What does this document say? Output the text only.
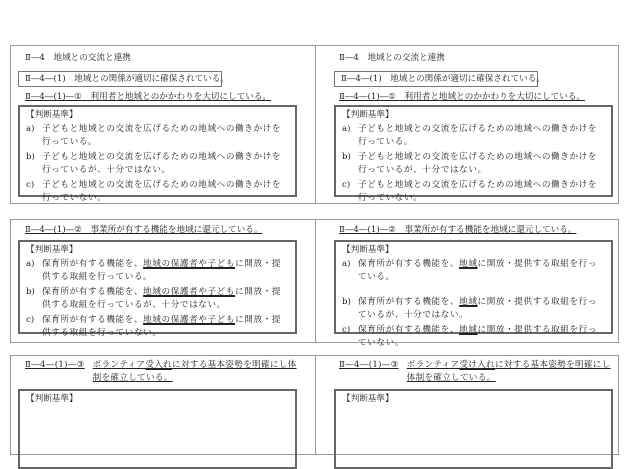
Ⅱ―4　地域との交流と連携
Ⅱ―4―(1)　地域との関係が適切に確保されている。
Ⅱ―4―(1)―①　利用者と地域とのかかわりを大切にしている。
【判断基準】
a) 子どもと地域との交流を広げるための地域への働きかけを行っている。
b) 子どもと地域との交流を広げるための地域への働きかけを行っているが、十分ではない。
c) 子どもと地域との交流を広げるための地域への働きかけを行っていない。
Ⅱ―4　地域との交流と連携
Ⅱ―4―(1)　地域との関係が適切に確保されている。
Ⅱ―4―(1)―①　利用者と地域とのかかわりを大切にしている。
【判断基準】
a) 子どもと地域との交流を広げるための地域への働きかけを行っている。
b) 子どもと地域との交流を広げるための地域への働きかけを行っているが、十分ではない。
c) 子どもと地域との交流を広げるための地域への働きかけを行っていない。
Ⅱ―4―(1)―②　事業所が有する機能を地域に還元している。
【判断基準】
a) 保育所が有する機能を、地域の保護者や子どもに開放・提供する取組を行っている。
b) 保育所が有する機能を、地域の保護者や子どもに開放・提供する取組を行っているが、十分ではない。
c) 保育所が有する機能を、地域の保護者や子どもに開放・提供する取組を行っていない。
Ⅱ―4―(1)―②　事業所が有する機能を地域に還元している。
【判断基準】
a) 保育所が有する機能を、地域に開放・提供する取組を行っている。
b) 保育所が有する機能を、地域に開放・提供する取組を行っているが、十分ではない。
c) 保育所が有する機能を、地域に開放・提供する取組を行っていない。
Ⅱ―4―(1)―③ ボランティア受入れに対する基本姿勢を明確にし体制を確立している。
【判断基準】
Ⅱ―4―(1)―③ ボランティア受け入れに対する基本姿勢を明確にし体制を確立している。
【判断基準】
